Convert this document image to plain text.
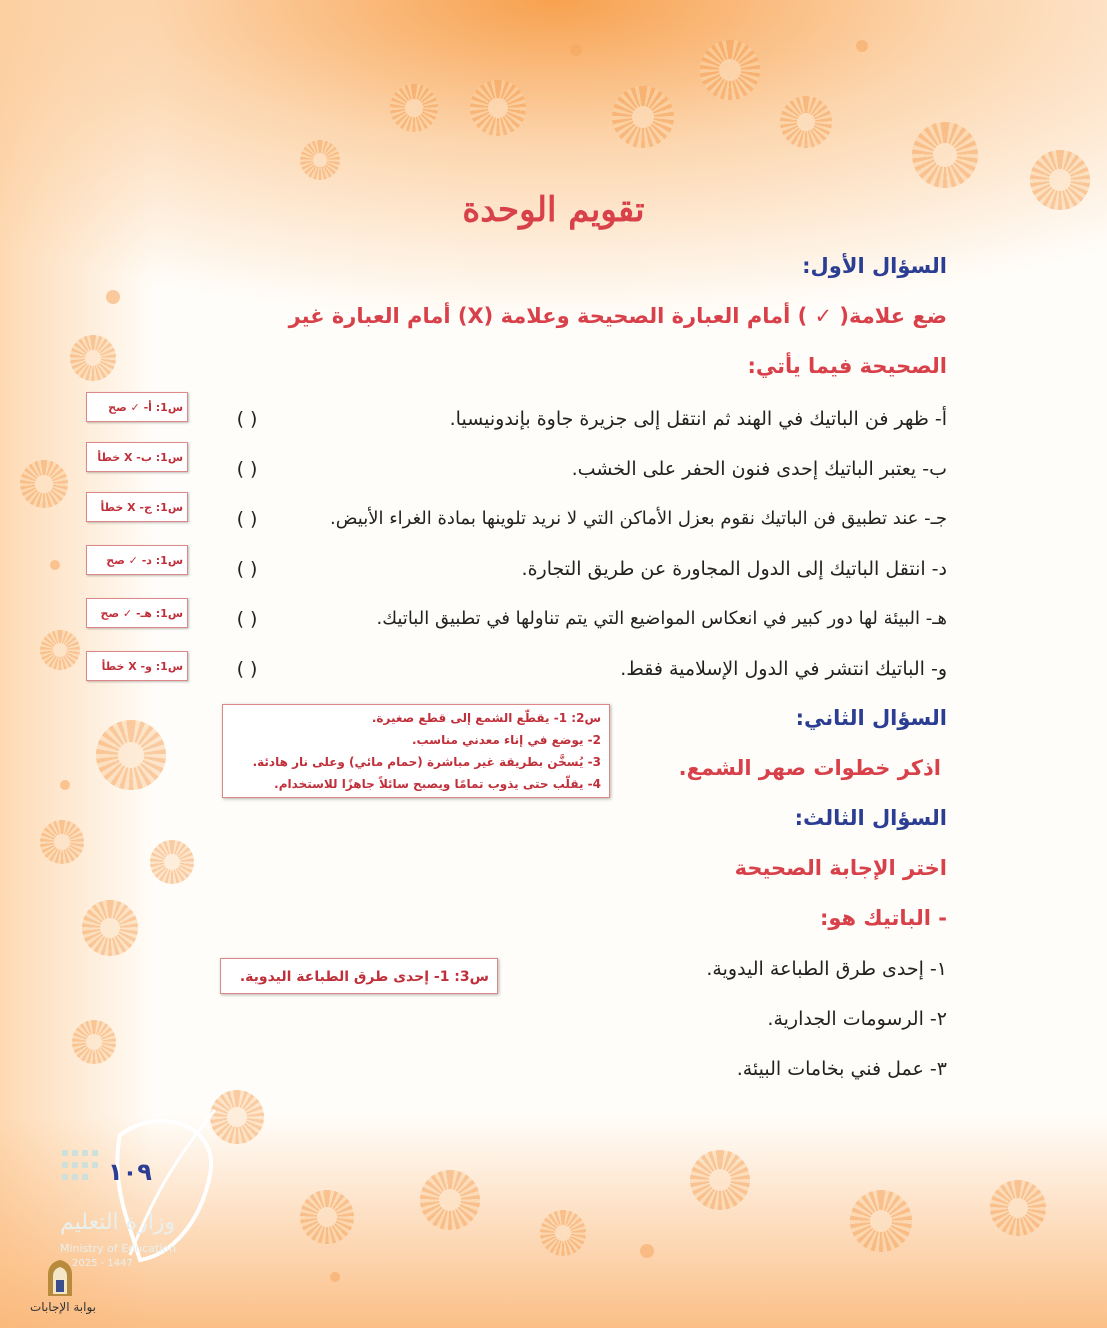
تقويم الوحدة
السؤال الأول:
ضع علامة( ✓ ) أمام العبارة الصحيحة وعلامة (X) أمام العبارة غير
الصحيحة فيما يأتي:
أ- ظهر فن الباتيك في الهند ثم انتقل إلى جزيرة جاوة بإندونيسيا.
( )
س1: أ- ✓ صح
ب- يعتبر الباتيك إحدى فنون الحفر على الخشب.
( )
س1: ب- X خطأ
جـ- عند تطبيق فن الباتيك نقوم بعزل الأماكن التي لا نريد تلوينها بمادة الغراء الأبيض.
( )
س1: ج- X خطأ
د- انتقل الباتيك إلى الدول المجاورة عن طريق التجارة.
( )
س1: د- ✓ صح
هـ- البيئة لها دور كبير في انعكاس المواضيع التي يتم تناولها في تطبيق الباتيك.
( )
س1: هـ- ✓ صح
و- الباتيك انتشر في الدول الإسلامية فقط.
( )
س1: و- X خطأ
السؤال الثاني:
اذكر خطوات صهر الشمع.
س2: 1- يقطّع الشمع إلى قطع صغيرة.
2- يوضع في إناء معدني مناسب.
3- يُسخَّن بطريقة غير مباشرة (حمام مائي) وعلى نار هادئة.
4- يقلّب حتى يذوب تمامًا ويصبح سائلاً جاهزًا للاستخدام.
السؤال الثالث:
اختر الإجابة الصحيحة
- الباتيك هو:
١- إحدى طرق الطباعة اليدوية.
٢- الرسومات الجدارية.
٣- عمل فني بخامات البيئة.
س3: 1- إحدى طرق الطباعة اليدوية.
١٠٩
وزارة التعليم
Ministry of Education
2025 - 1447
بوابة الإجابات
